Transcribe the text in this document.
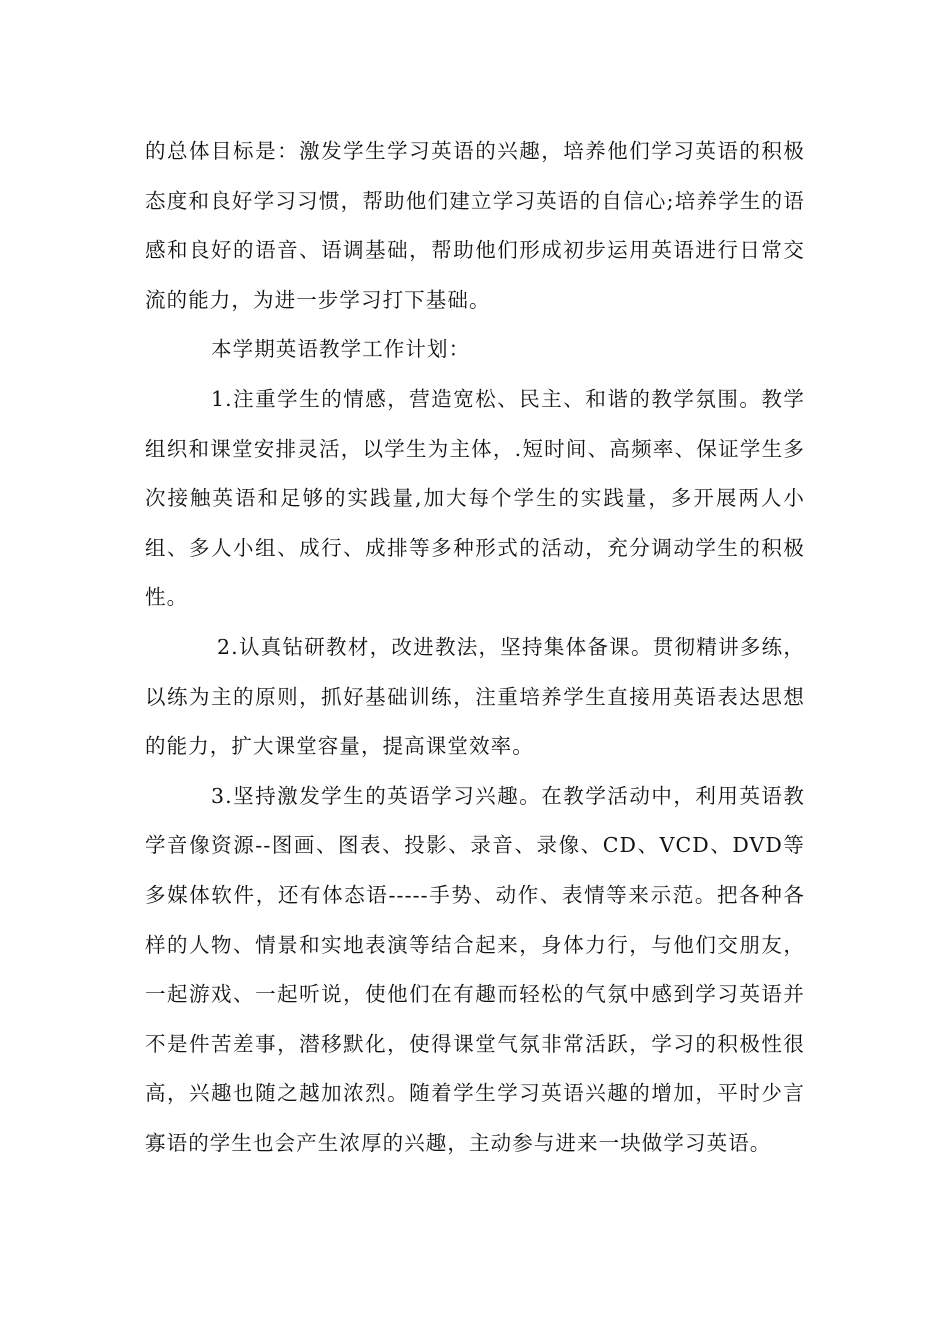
的总体目标是：激发学生学习英语的兴趣，培养他们学习英语的积极态度和良好学习习惯，帮助他们建立学习英语的自信心;培养学生的语感和良好的语音、语调基础，帮助他们形成初步运用英语进行日常交流的能力，为进一步学习打下基础。

本学期英语教学工作计划：

1.注重学生的情感，营造宽松、民主、和谐的教学氛围。教学组织和课堂安排灵活，以学生为主体，.短时间、高频率、保证学生多次接触英语和足够的实践量,加大每个学生的实践量，多开展两人小组、多人小组、成行、成排等多种形式的活动，充分调动学生的积极性。

2.认真钻研教材，改进教法，坚持集体备课。贯彻精讲多练，以练为主的原则，抓好基础训练，注重培养学生直接用英语表达思想的能力，扩大课堂容量，提高课堂效率。

3.坚持激发学生的英语学习兴趣。在教学活动中，利用英语教学音像资源--图画、图表、投影、录音、录像、CD、VCD、DVD等多媒体软件，还有体态语-----手势、动作、表情等来示范。把各种各样的人物、情景和实地表演等结合起来，身体力行，与他们交朋友，一起游戏、一起听说，使他们在有趣而轻松的气氛中感到学习英语并不是件苦差事，潜移默化，使得课堂气氛非常活跃，学习的积极性很高，兴趣也随之越加浓烈。随着学生学习英语兴趣的增加，平时少言寡语的学生也会产生浓厚的兴趣，主动参与进来一块做学习英语。
